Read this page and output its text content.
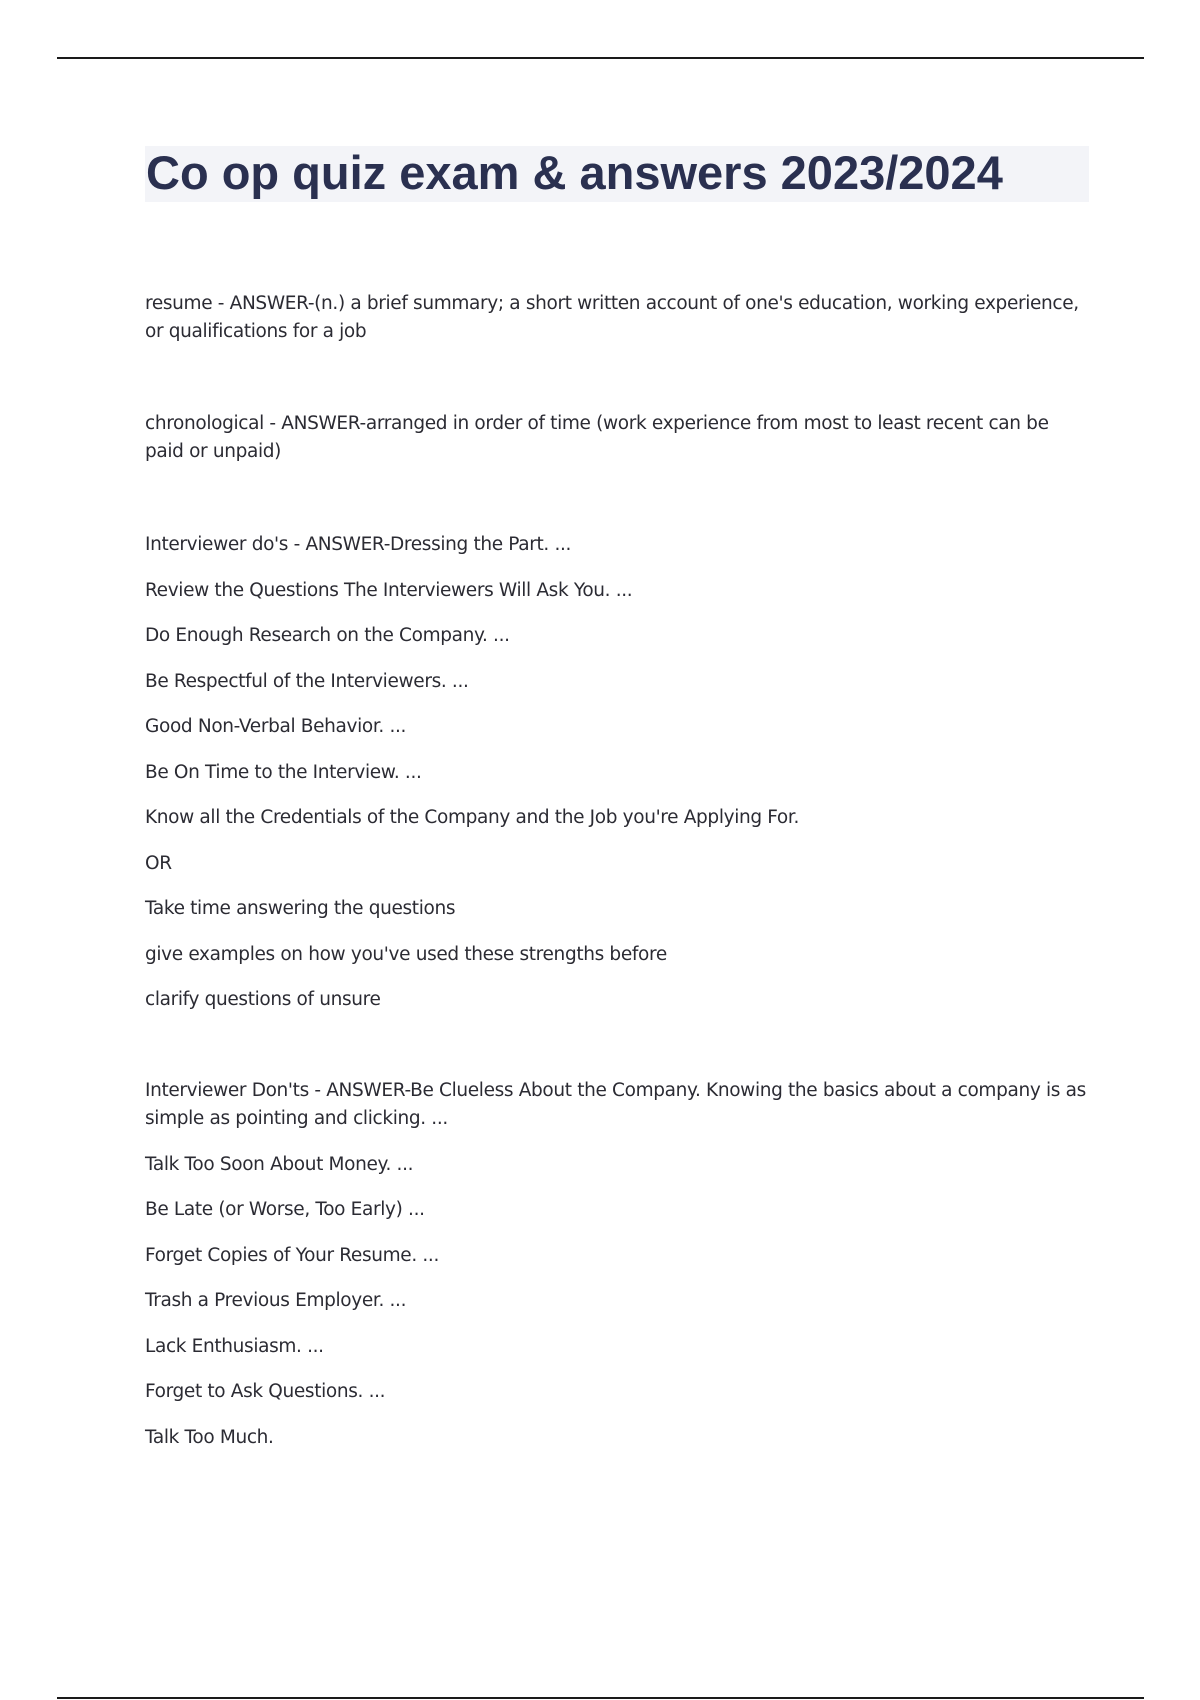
Co op quiz exam & answers 2023/2024

resume - ANSWER-(n.) a brief summary; a short written account of one's education, working experience, or qualifications for a job

chronological - ANSWER-arranged in order of time (work experience from most to least recent can be paid or unpaid)

Interviewer do's - ANSWER-Dressing the Part. ...

Review the Questions The Interviewers Will Ask You. ...

Do Enough Research on the Company. ...

Be Respectful of the Interviewers. ...

Good Non-Verbal Behavior. ...

Be On Time to the Interview. ...

Know all the Credentials of the Company and the Job you're Applying For.

OR

Take time answering the questions

give examples on how you've used these strengths before

clarify questions of unsure

Interviewer Don'ts - ANSWER-Be Clueless About the Company. Knowing the basics about a company is as simple as pointing and clicking. ...

Talk Too Soon About Money. ...

Be Late (or Worse, Too Early) ...

Forget Copies of Your Resume. ...

Trash a Previous Employer. ...

Lack Enthusiasm. ...

Forget to Ask Questions. ...

Talk Too Much.
